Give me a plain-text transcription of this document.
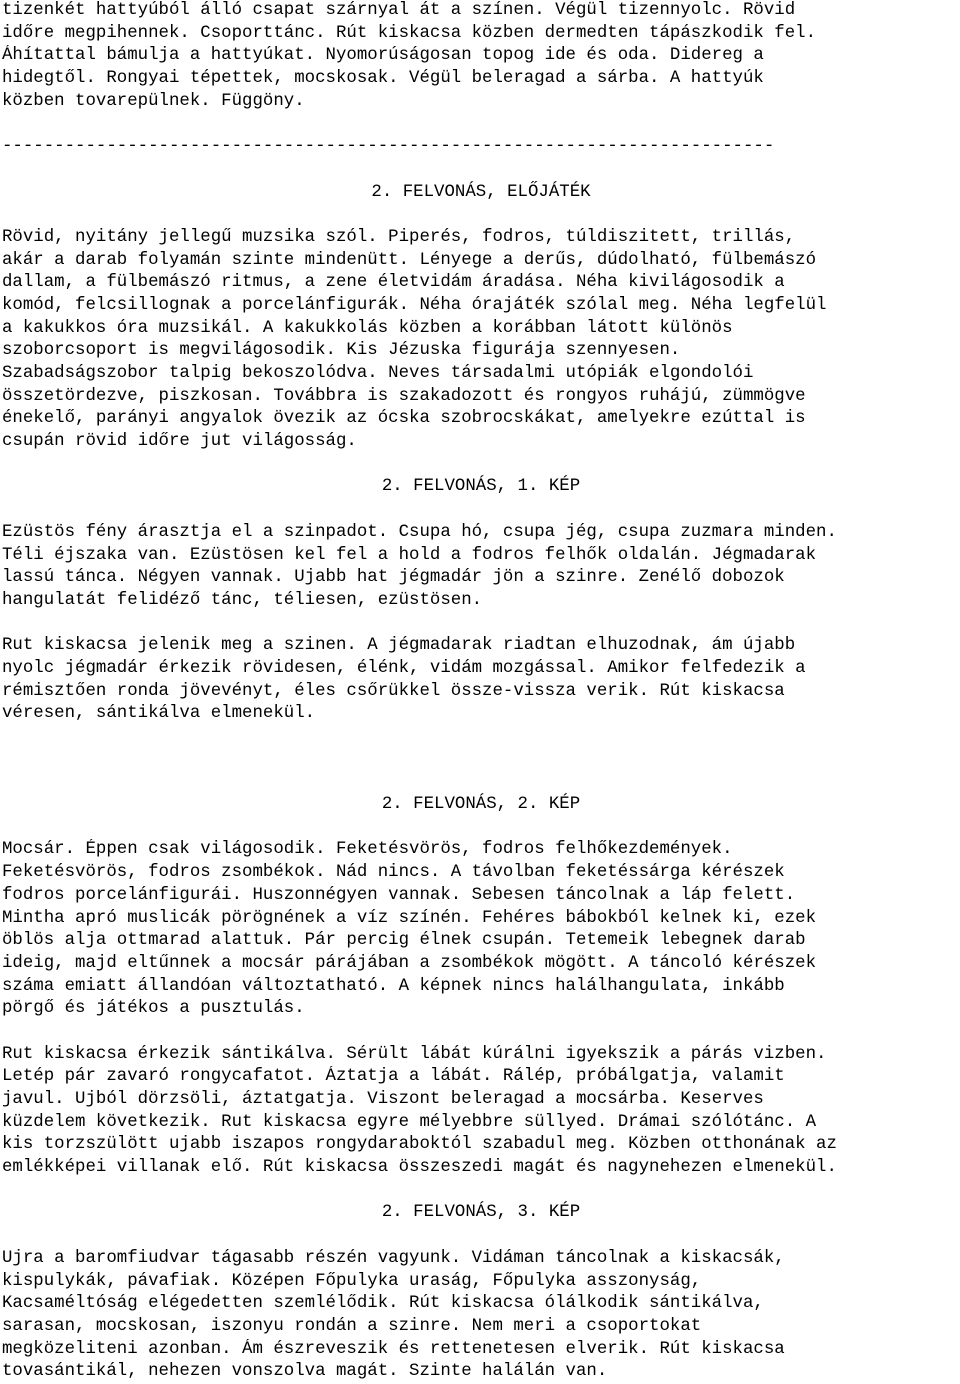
tizenkét hattyúból álló csapat szárnyal át a színen. Végül tizennyolc. Rövid
időre megpihennek. Csoporttánc. Rút kiskacsa közben dermedten tápászkodik fel.
Áhítattal bámulja a hattyúkat. Nyomorúságosan topog ide és oda. Didereg a
hidegtől. Rongyai tépettek, mocskosak. Végül beleragad a sárba. A hattyúk
közben tovarepülnek. Függöny.
--------------------------------------------------------------------------
2. FELVONÁS, ELŐJÁTÉK
Rövid, nyitány jellegű muzsika szól. Piperés, fodros, túldiszitett, trillás,
akár a darab folyamán szinte mindenütt. Lényege a derűs, dúdolható, fülbemászó
dallam, a fülbemászó ritmus, a zene életvidám áradása. Néha kivilágosodik a
komód, felcsillognak a porcelánfigurák. Néha órajáték szólal meg. Néha legfelül
a kakukkos óra muzsikál. A kakukkolás közben a korábban látott különös
szoborcsoport is megvilágosodik. Kis Jézuska figurája szennyesen.
Szabadságszobor talpig bekoszolódva. Neves társadalmi utópiák elgondolói
összetördezve, piszkosan. Továbbra is szakadozott és rongyos ruhájú, zümmögve
énekelő, parányi angyalok övezik az ócska szobrocskákat, amelyekre ezúttal is
csupán rövid időre jut világosság.
2. FELVONÁS, 1. KÉP
Ezüstös fény árasztja el a szinpadot. Csupa hó, csupa jég, csupa zuzmara minden.
Téli éjszaka van. Ezüstösen kel fel a hold a fodros felhők oldalán. Jégmadarak
lassú tánca. Négyen vannak. Ujabb hat jégmadár jön a szinre. Zenélő dobozok
hangulatát felidéző tánc, téliesen, ezüstösen.
Rut kiskacsa jelenik meg a szinen. A jégmadarak riadtan elhuzodnak, ám újabb
nyolc jégmadár érkezik rövidesen, élénk, vidám mozgással. Amikor felfedezik a
rémisztően ronda jövevényt, éles csőrükkel össze-vissza verik. Rút kiskacsa
véresen, sántikálva elmenekül.
2. FELVONÁS, 2. KÉP
Mocsár. Éppen csak világosodik. Feketésvörös, fodros felhőkezdemények.
Feketésvörös, fodros zsombékok. Nád nincs. A távolban feketéssárga kérészek
fodros porcelánfigurái. Huszonnégyen vannak. Sebesen táncolnak a láp felett.
Mintha apró muslicák pörögnének a víz színén. Fehéres bábokból kelnek ki, ezek
öblös alja ottmarad alattuk. Pár percig élnek csupán. Tetemeik lebegnek darab
ideig, majd eltűnnek a mocsár párájában a zsombékok mögött. A táncoló kérészek
száma emiatt állandóan változtatható. A képnek nincs halálhangulata, inkább
pörgő és játékos a pusztulás.
Rut kiskacsa érkezik sántikálva. Sérült lábát kúrálni igyekszik a párás vizben.
Letép pár zavaró rongycafatot. Áztatja a lábát. Rálép, próbálgatja, valamit
javul. Ujból dörzsöli, áztatgatja. Viszont beleragad a mocsárba. Keserves
küzdelem következik. Rut kiskacsa egyre mélyebbre süllyed. Drámai szólótánc. A
kis torzszülött ujabb iszapos rongydaraboktól szabadul meg. Közben otthonának az
emlékképei villanak elő. Rút kiskacsa összeszedi magát és nagynehezen elmenekül.
2. FELVONÁS, 3. KÉP
Ujra a baromfiudvar tágasabb részén vagyunk. Vidáman táncolnak a kiskacsák,
kispulykák, pávafiak. Középen Főpulyka uraság, Főpulyka asszonyság,
Kacsaméltóság elégedetten szemlélődik. Rút kiskacsa ólálkodik sántikálva,
sarasan, mocskosan, iszonyu rondán a szinre. Nem meri a csoportokat
megközeliteni azonban. Ám észreveszik és rettenetesen elverik. Rút kiskacsa
tovasántikál, nehezen vonszolva magát. Szinte halálán van.
